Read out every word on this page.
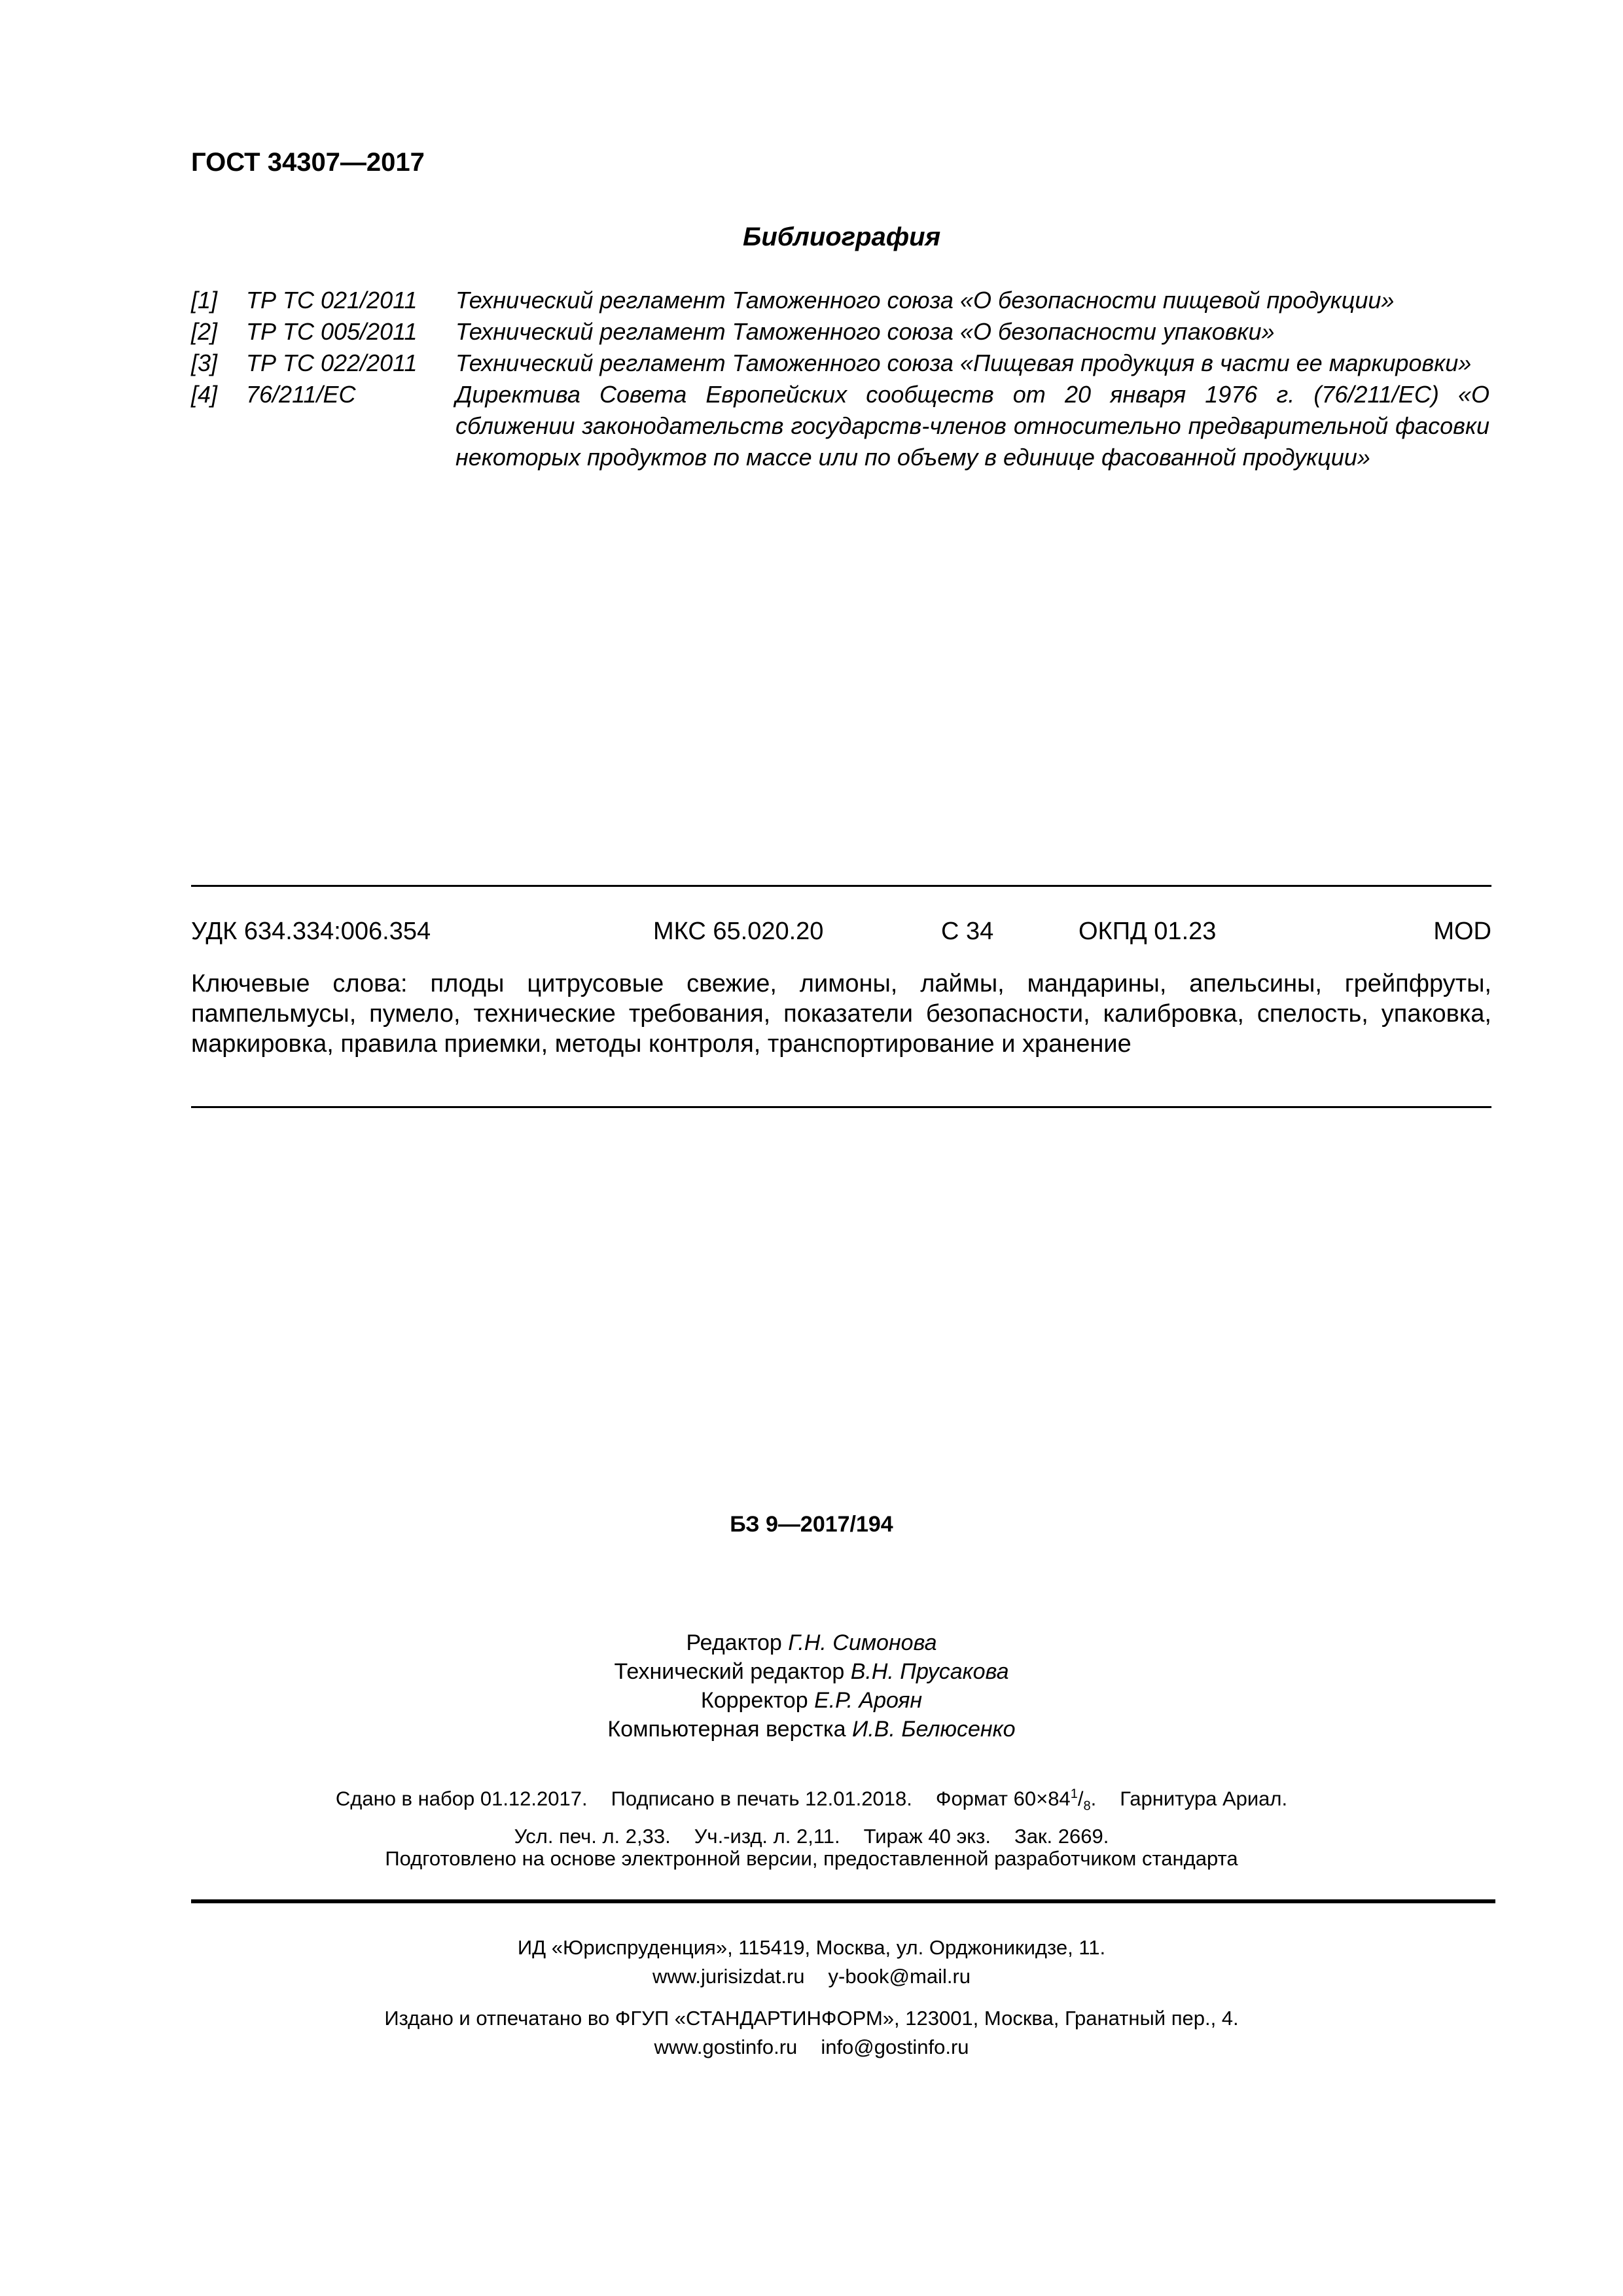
ГОСТ 34307—2017
Библиография
[1]	ТР ТС 021/2011	Технический регламент Таможенного союза «О безопасности пищевой продукции»
[2]	ТР ТС 005/2011	Технический регламент Таможенного союза «О безопасности упаковки»
[3]	ТР ТС 022/2011	Технический регламент Таможенного союза «Пищевая продукция в части ее маркировки»
[4]	76/211/ЕС	Директива Совета Европейских сообществ от 20 января 1976 г. (76/211/ЕС) «О сближении законодательств государств-членов относительно предварительной фасовки некоторых продуктов по массе или по объему в единице фасованной продукции»
УДК 634.334:006.354	МКС 65.020.20	С 34	ОКПД 01.23	MOD
Ключевые слова: плоды цитрусовые свежие, лимоны, лаймы, мандарины, апельсины, грейпфруты, пампельмусы, пумело, технические требования, показатели безопасности, калибровка, спелость, упаковка, маркировка, правила приемки, методы контроля, транспортирование и хранение
БЗ 9—2017/194
Редактор Г.Н. Симонова
Технический редактор В.Н. Прусакова
Корректор Е.Р. Ароян
Компьютерная верстка И.В. Белюсенко
Сдано в набор 01.12.2017. Подписано в печать 12.01.2018. Формат $60\times 84^1/_8$. Гарнитура Ариал.
Усл. печ. л. 2,33. Уч.-изд. л. 2,11. Тираж 40 экз. Зак. 2669.
Подготовлено на основе электронной версии, предоставленной разработчиком стандарта
ИД «Юриспруденция», 115419, Москва, ул. Орджоникидзе, 11.
www.jurisizdat.ru y-book@mail.ru
Издано и отпечатано во ФГУП «СТАНДАРТИНФОРМ», 123001, Москва, Гранатный пер., 4.
www.gostinfo.ru info@gostinfo.ru
